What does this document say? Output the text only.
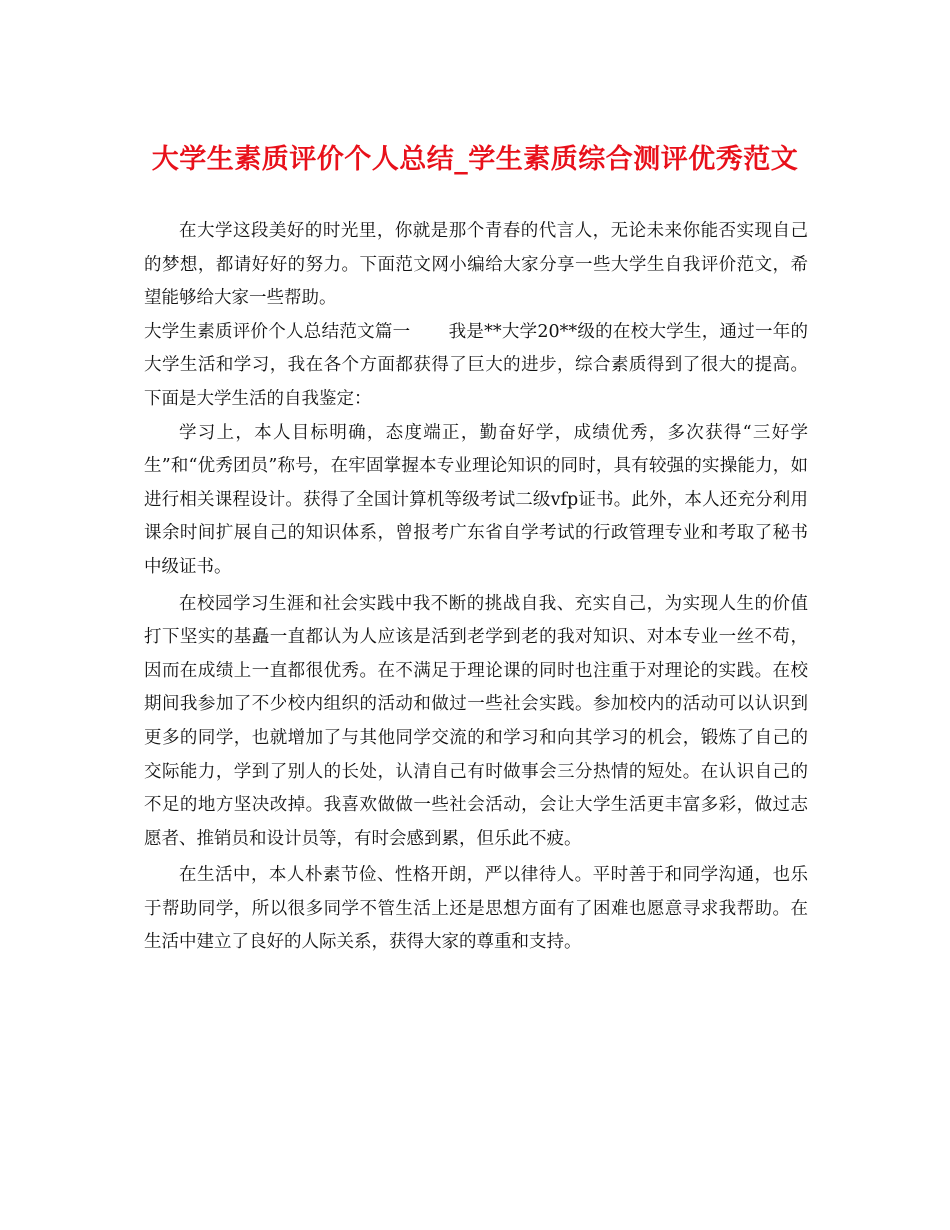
大学生素质评价个人总结_学生素质综合测评优秀范文

在大学这段美好的时光里，你就是那个青春的代言人，无论未来你能否实现自己的梦想，都请好好的努力。下面范文网小编给大家分享一些大学生自我评价范文，希望能够给大家一些帮助。

大学生素质评价个人总结范文篇一 我是**大学20**级的在校大学生，通过一年的大学生活和学习，我在各个方面都获得了巨大的进步，综合素质得到了很大的提高。下面是大学生活的自我鉴定：

学习上，本人目标明确，态度端正，勤奋好学，成绩优秀，多次获得“三好学生”和“优秀团员”称号，在牢固掌握本专业理论知识的同时，具有较强的实操能力，如进行相关课程设计。获得了全国计算机等级考试二级vfp证书。此外，本人还充分利用课余时间扩展自己的知识体系，曾报考广东省自学考试的行政管理专业和考取了秘书中级证书。

在校园学习生涯和社会实践中我不断的挑战自我、充实自己，为实现人生的价值打下坚实的基矗一直都认为人应该是活到老学到老的我对知识、对本专业一丝不苟，因而在成绩上一直都很优秀。在不满足于理论课的同时也注重于对理论的实践。在校期间我参加了不少校内组织的活动和做过一些社会实践。参加校内的活动可以认识到更多的同学，也就增加了与其他同学交流的和学习和向其学习的机会，锻炼了自己的交际能力，学到了别人的长处，认清自己有时做事会三分热情的短处。在认识自己的不足的地方坚决改掉。我喜欢做做一些社会活动，会让大学生活更丰富多彩，做过志愿者、推销员和设计员等，有时会感到累，但乐此不疲。

在生活中，本人朴素节俭、性格开朗，严以律待人。平时善于和同学沟通，也乐于帮助同学，所以很多同学不管生活上还是思想方面有了困难也愿意寻求我帮助。在生活中建立了良好的人际关系，获得大家的尊重和支持。
